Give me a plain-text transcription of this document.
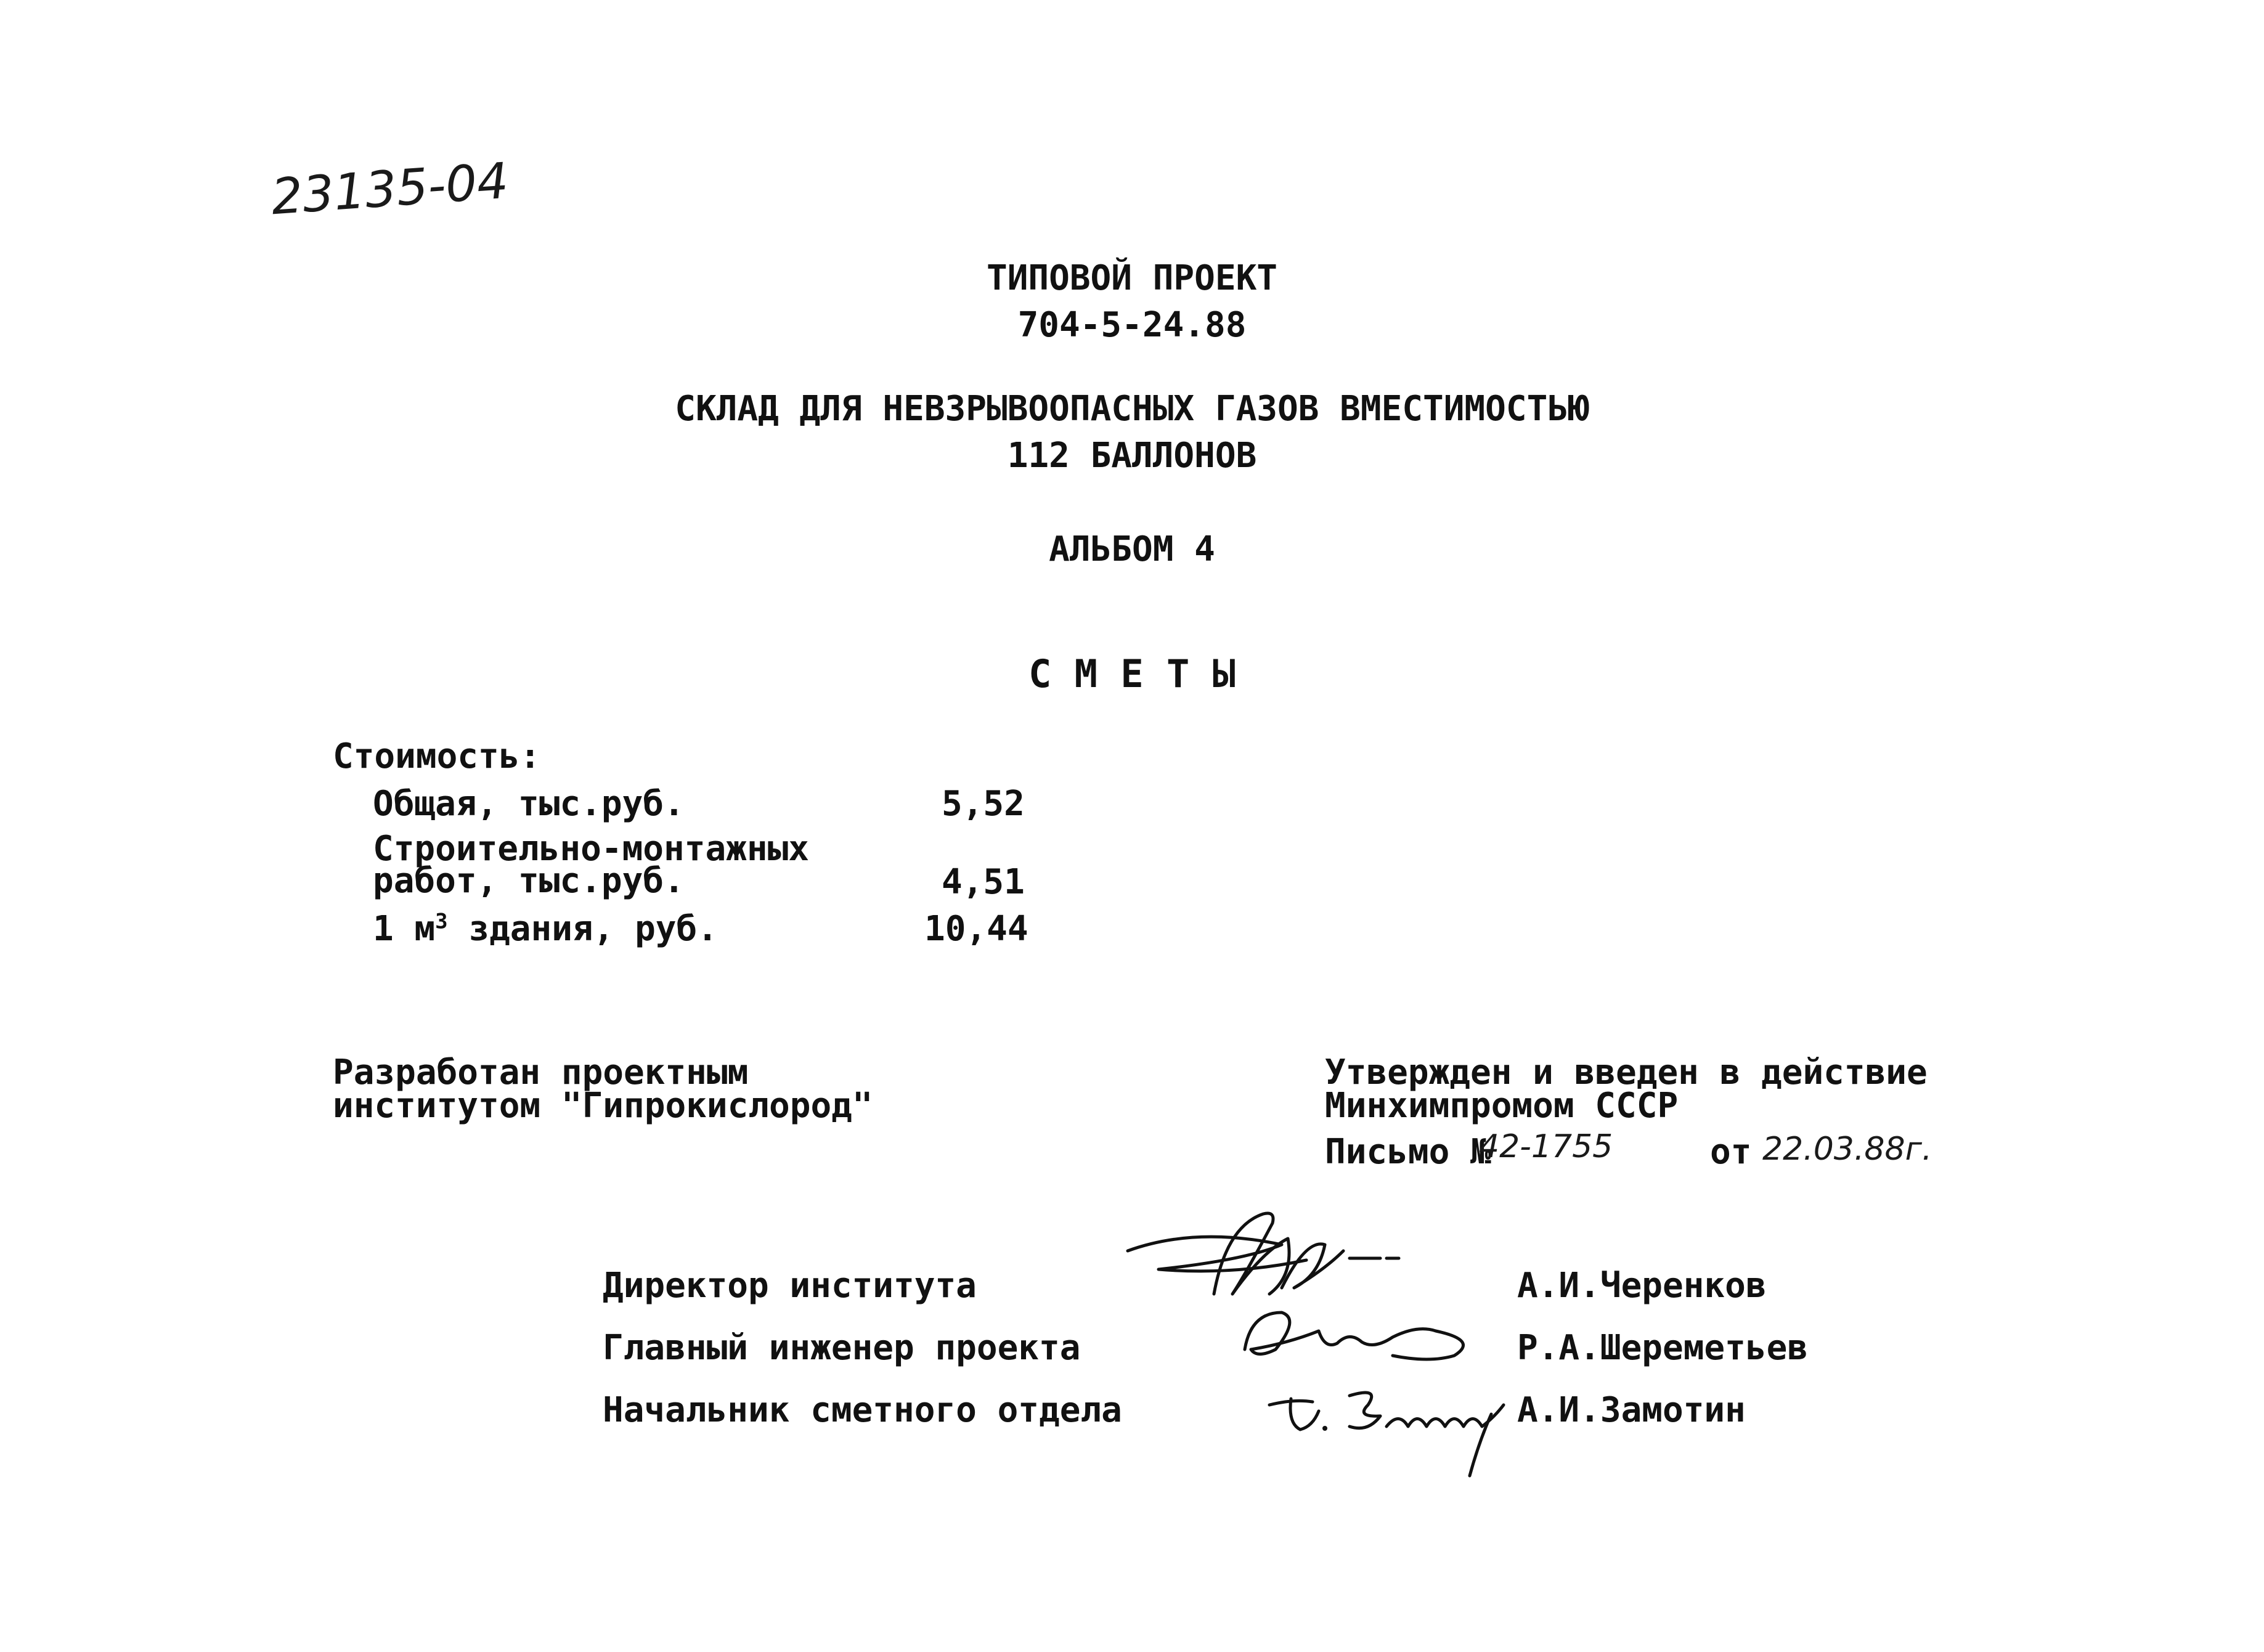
23135-04
ТИПОВОЙ ПРОЕКТ
704-5-24.88
СКЛАД ДЛЯ НЕВЗРЫВООПАСНЫХ ГАЗОВ ВМЕСТИМОСТЬЮ
112 БАЛЛОНОВ
АЛЬБОМ 4
С М Е Т Ы
Стоимость:
Общая, тыс.руб.	5,52
Строительно-монтажных
работ, тыс.руб.	4,51
1 $м^3$ здания, руб.	10,44
Разработан проектным
институтом "Гипрокислород"
Утвержден и введен в действие
Минхимпромом СССР
Письмо №
42-1755	от 22.03.88г.
Директор института	А.И.Черенков
Главный инженер проекта	Р.А.Шереметьев
Начальник сметного отдела	А.И.Замотин
